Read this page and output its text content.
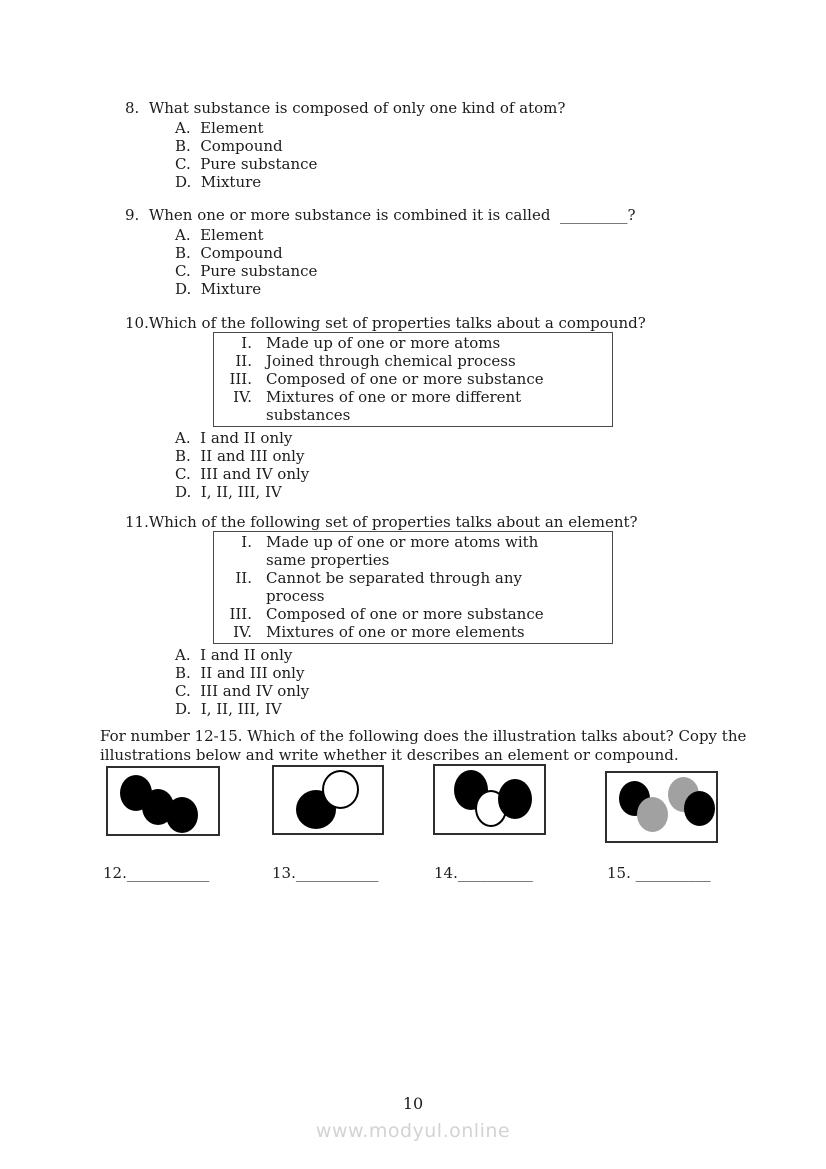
8.  What substance is composed of only one kind of atom?
A.  Element
B.  Compound
C.  Pure substance
D.  Mixture
9.  When one or more substance is combined it is called  _________?
A.  Element
B.  Compound
C.  Pure substance
D.  Mixture
10.Which of the following set of properties talks about a compound?
I. Made up of one or more atoms
II. Joined through chemical process
III. Composed of one or more substance
IV. Mixtures of one or more different substances
A.  I and II only
B.  II and III only
C.  III and IV only
D.  I, II, III, IV
11.Which of the following set of properties talks about an element?
I. Made up of one or more atoms with same properties
II. Cannot be separated through any process
III. Composed of one or more substance
IV. Mixtures of one or more elements
A.  I and II only
B.  II and III only
C.  III and IV only
D.  I, II, III, IV

For number 12-15. Which of the following does the illustration talks about? Copy the illustrations below and write whether it describes an element or compound.

12.___________	13.___________	14.__________	15. __________
10
www.modyul.online
